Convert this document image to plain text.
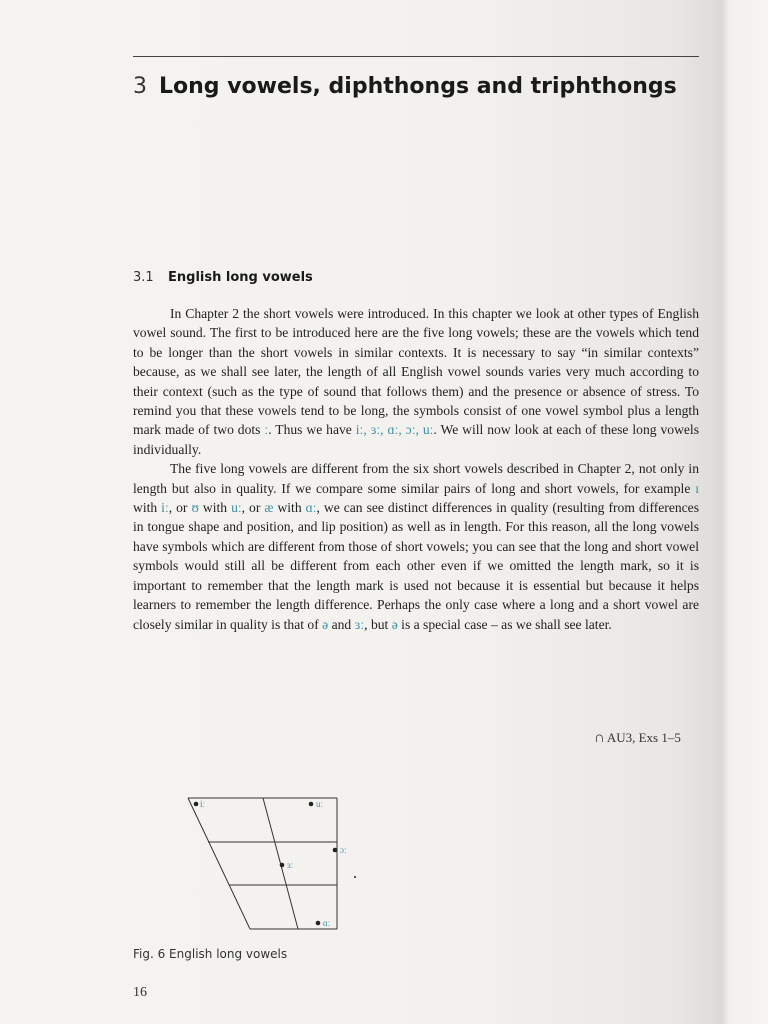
3 Long vowels, diphthongs and triphthongs
3.1 English long vowels

In Chapter 2 the short vowels were introduced. In this chapter we look at other types of English vowel sound. The first to be introduced here are the five long vowels; these are the vowels which tend to be longer than the short vowels in similar contexts. It is necessary to say “in similar contexts” because, as we shall see later, the length of all English vowel sounds varies very much according to their context (such as the type of sound that follows them) and the presence or absence of stress. To remind you that these vowels tend to be long, the symbols consist of one vowel symbol plus a length mark made of two dots ː. Thus we have iː, ɜː, ɑː, ɔː, uː. We will now look at each of these long vowels individually.

The five long vowels are different from the six short vowels described in Chapter 2, not only in length but also in quality. If we compare some similar pairs of long and short vowels, for example ɪ with iː, or ʊ with uː, or æ with ɑː, we can see distinct differences in quality (resulting from differences in tongue shape and position, and lip position) as well as in length. For this reason, all the long vowels have symbols which are different from those of short vowels; you can see that the long and short vowel symbols would still all be different from each other even if we omitted the length mark, so it is important to remember that the length mark is used not because it is essential but because it helps learners to remember the length difference. Perhaps the only case where a long and a short vowel are closely similar in quality is that of ə and ɜː, but ə is a special case – as we shall see later.

∩ AU3, Exs 1–5
iː	uː
ɔː
ɜː
ɑː
Fig. 6 English long vowels
16
